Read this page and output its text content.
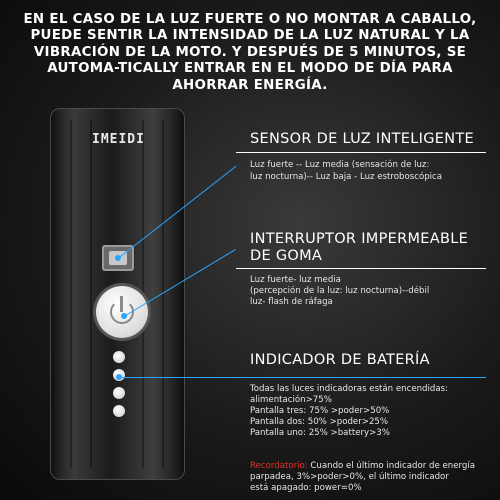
EN EL CASO DE LA LUZ FUERTE O NO MONTAR A CABALLO, PUEDE SENTIR LA INTENSIDAD DE LA LUZ NATURAL Y LA VIBRACIÓN DE LA MOTO. Y DESPUÉS DE 5 MINUTOS, SE AUTOMA-TICALLY ENTRAR EN EL MODO DE DÍA PARA AHORRAR ENERGÍA.
IMEIDI	SENSOR DE LUZ INTELIGENTE
Luz fuerte -- Luz media (sensación de luz:
luz nocturna)-- Luz baja - Luz estroboscópica
INTERRUPTOR IMPERMEABLE
DE GOMA
Luz fuerte- luz media
(percepción de la luz: luz nocturna)--débil
luz- flash de ráfaga
INDICADOR DE BATERÍA
Todas las luces indicadoras están encendidas:
alimentación>75%
Pantalla tres: 75% >poder>50%
Pantalla dos: 50% >poder>25%
Pantalla uno: 25% >battery>3%
Recordatorio: Cuando el último indicador de energía
parpadea, 3%>poder>0%, el último indicador
está apagado: power=0%
